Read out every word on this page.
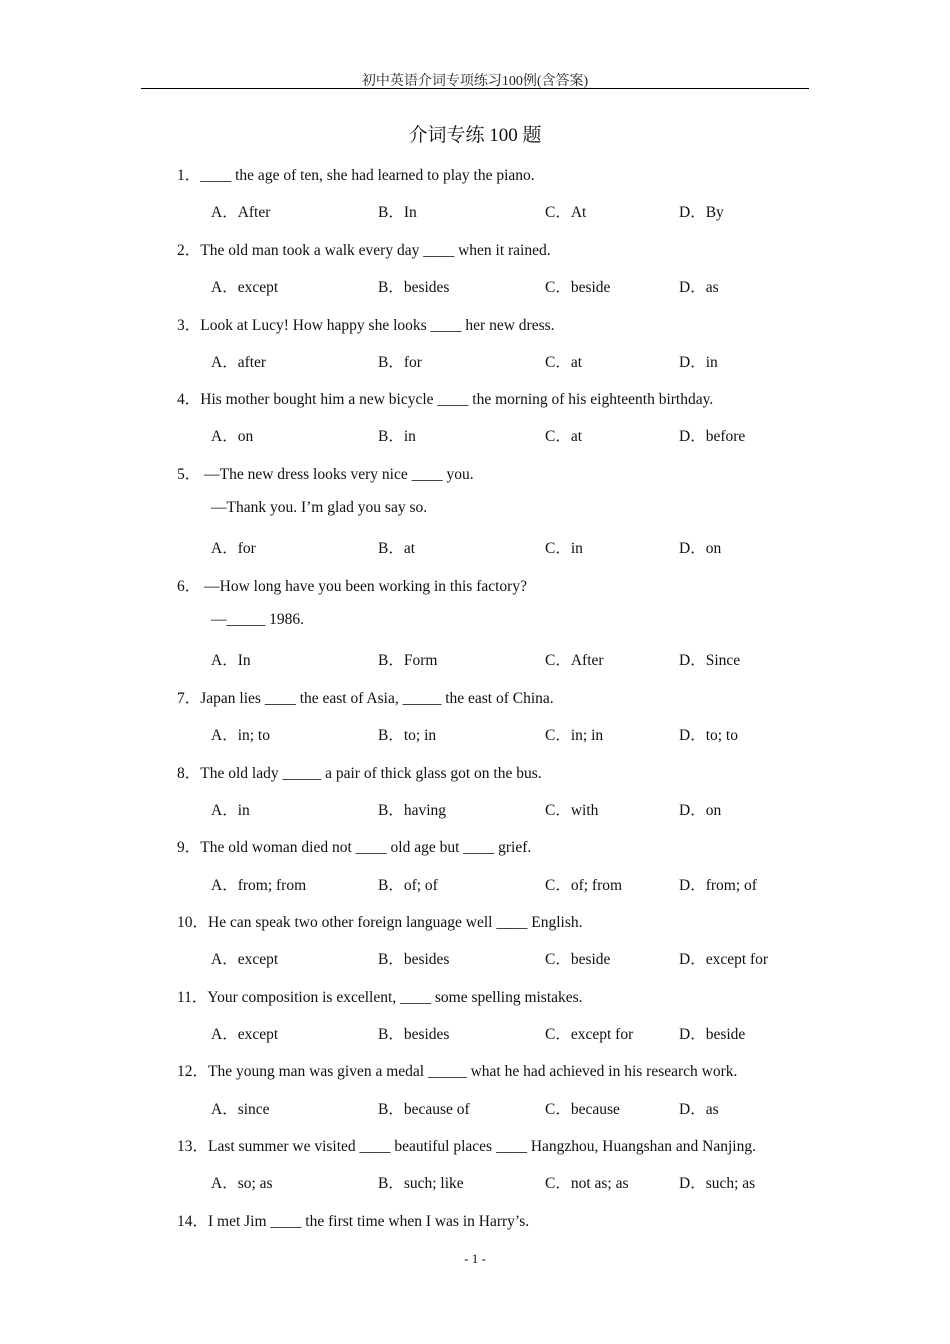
初中英语介词专项练习100例(含答案)
介词专练 100 题
1．____ the age of ten, she had learned to play the piano.
A．After	B．In	C．At	D．By
2．The old man took a walk every day ____ when it rained.
A．except	B．besides	C．beside	D．as
3．Look at Lucy! How happy she looks ____ her new dress.
A．after	B．for	C．at	D．in
4．His mother bought him a new bicycle ____ the morning of his eighteenth birthday.
A．on	B．in	C．at	D．before
5． —The new dress looks very nice ____ you.
—Thank you. I’m glad you say so.
A．for	B．at	C．in	D．on
6． —How long have you been working in this factory?
—_____ 1986.
A．In	B．Form	C．After	D．Since
7．Japan lies ____ the east of Asia, _____ the east of China.
A．in; to	B．to; in	C．in; in	D．to; to
8．The old lady _____ a pair of thick glass got on the bus.
A．in	B．having	C．with	D．on
9．The old woman died not ____ old age but ____ grief.
A．from; from	B．of; of	C．of; from	D．from; of
10．He can speak two other foreign language well ____ English.
A．except	B．besides	C．beside	D．except for
11．Your composition is excellent, ____ some spelling mistakes.
A．except	B．besides	C．except for	D．beside
12．The young man was given a medal _____ what he had achieved in his research work.
A．since	B．because of	C．because	D．as
13．Last summer we visited ____ beautiful places ____ Hangzhou, Huangshan and Nanjing.
A．so; as	B．such; like	C．not as; as	D．such; as
14．I met Jim ____ the first time when I was in Harry’s.
- 1 -
